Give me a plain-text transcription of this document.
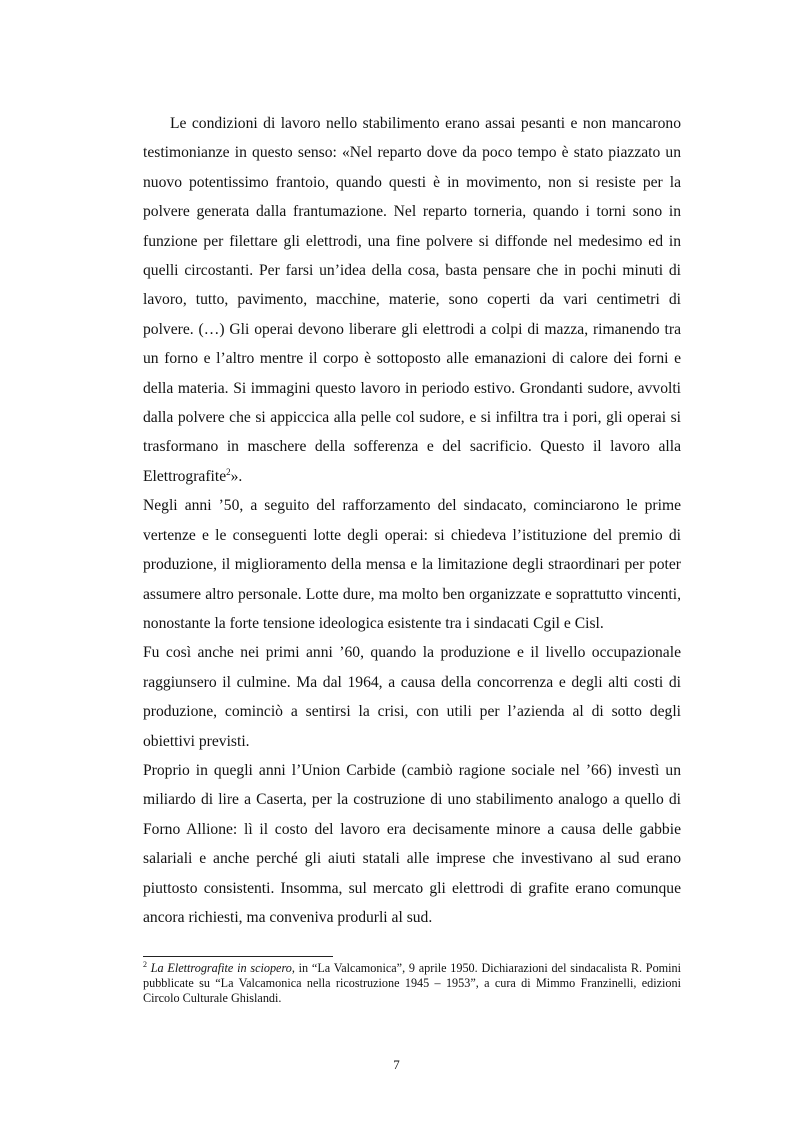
Le condizioni di lavoro nello stabilimento erano assai pesanti e non mancarono testimonianze in questo senso: «Nel reparto dove da poco tempo è stato piazzato un nuovo potentissimo frantoio, quando questi è in movimento, non si resiste per la polvere generata dalla frantumazione. Nel reparto torneria, quando i torni sono in funzione per filettare gli elettrodi, una fine polvere si diffonde nel medesimo ed in quelli circostanti. Per farsi un’idea della cosa, basta pensare che in pochi minuti di lavoro, tutto, pavimento, macchine, materie, sono coperti da vari centimetri di polvere. (…) Gli operai devono liberare gli elettrodi a colpi di mazza, rimanendo tra un forno e l’altro mentre il corpo è sottoposto alle emanazioni di calore dei forni e della materia. Si immagini questo lavoro in periodo estivo. Grondanti sudore, avvolti dalla polvere che si appiccica alla pelle col sudore, e si infiltra tra i pori, gli operai si trasformano in maschere della sofferenza e del sacrificio. Questo il lavoro alla Elettrografite$^2$».

Negli anni ’50, a seguito del rafforzamento del sindacato, cominciarono le prime vertenze e le conseguenti lotte degli operai: si chiedeva l’istituzione del premio di produzione, il miglioramento della mensa e la limitazione degli straordinari per poter assumere altro personale. Lotte dure, ma molto ben organizzate e soprattutto vincenti, nonostante la forte tensione ideologica esistente tra i sindacati Cgil e Cisl.

Fu così anche nei primi anni ’60, quando la produzione e il livello occupazionale raggiunsero il culmine. Ma dal 1964, a causa della concorrenza e degli alti costi di produzione, cominciò a sentirsi la crisi, con utili per l’azienda al di sotto degli obiettivi previsti.

Proprio in quegli anni l’Union Carbide (cambiò ragione sociale nel ’66) investì un miliardo di lire a Caserta, per la costruzione di uno stabilimento analogo a quello di Forno Allione: lì il costo del lavoro era decisamente minore a causa delle gabbie salariali e anche perché gli aiuti statali alle imprese che investivano al sud erano piuttosto consistenti. Insomma, sul mercato gli elettrodi di grafite erano comunque ancora richiesti, ma conveniva produrli al sud.

$^2$ La Elettrografite in sciopero, in “La Valcamonica”, 9 aprile 1950. Dichiarazioni del sindacalista R. Pomini pubblicate su “La Valcamonica nella ricostruzione 1945 – 1953”, a cura di Mimmo Franzinelli, edizioni Circolo Culturale Ghislandi.
7
